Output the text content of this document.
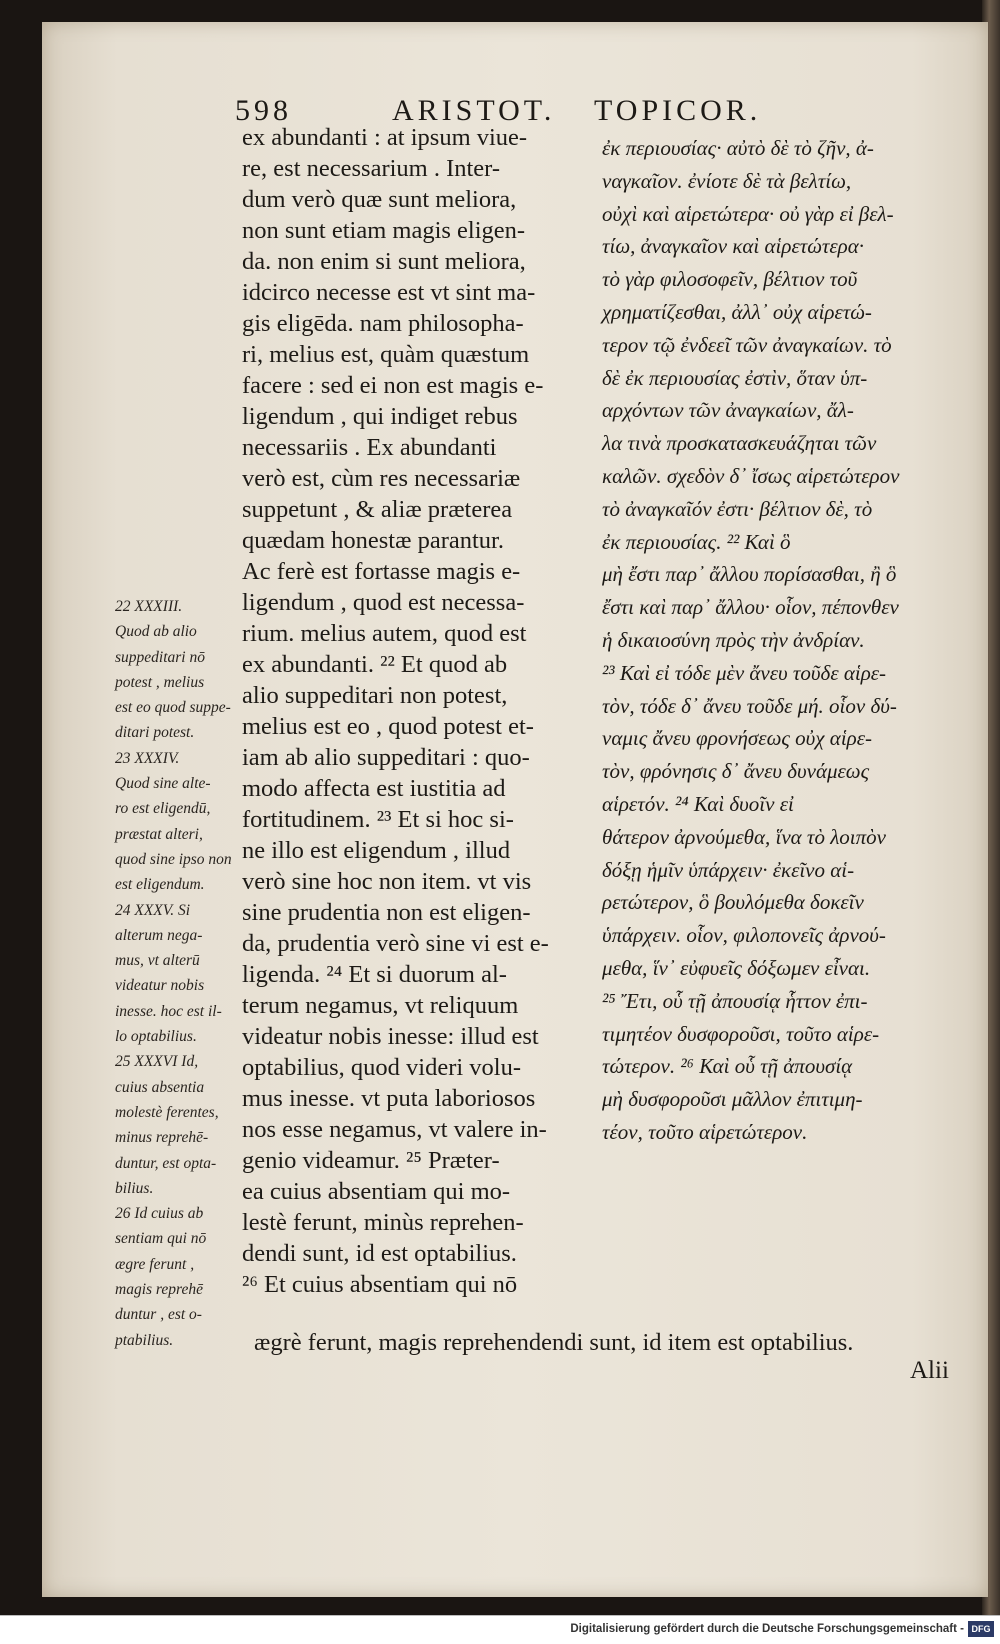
598	ARISTOT. TOPICOR.
22 XXXIII.
Quod ab alio
suppeditari nō
potest , melius
est eo quod suppe-
ditari potest.
23 XXXIV.
Quod sine alte-
ro est eligendū,
præstat alteri,
quod sine ipso non
est eligendum.
24 XXXV. Si
alterum nega-
mus, vt alterū
videatur nobis
inesse. hoc est il-
lo optabilius.
25 XXXVI Id,
cuius absentia
molestè ferentes,
minus reprehē-
duntur, est opta-
bilius.
26 Id cuius ab
sentiam qui nō
ægre ferunt ,
magis reprehē
duntur , est o-
ptabilius.
ex abundanti : at ipsum viue-
re, est necessarium . Inter-
dum verò quæ sunt meliora,
non sunt etiam magis eligen-
da. non enim si sunt meliora,
idcirco necesse est vt sint ma-
gis eligēda. nam philosopha-
ri, melius est, quàm quæstum
facere : sed ei non est magis e-
ligendum , qui indiget rebus
necessariis . Ex abundanti
verò est, cùm res necessariæ
suppetunt , & aliæ præterea
quædam honestæ parantur.
Ac ferè est fortasse magis e-
ligendum , quod est necessa-
rium. melius autem, quod est
ex abundanti. ²² Et quod ab
alio suppeditari non potest,
melius est eo , quod potest et-
iam ab alio suppeditari : quo-
modo affecta est iustitia ad
fortitudinem. ²³ Et si hoc si-
ne illo est eligendum , illud
verò sine hoc non item. vt vis
sine prudentia non est eligen-
da, prudentia verò sine vi est e-
ligenda. ²⁴ Et si duorum al-
terum negamus, vt reliquum
videatur nobis inesse: illud est
optabilius, quod videri volu-
mus inesse. vt puta laboriosos
nos esse negamus, vt valere in-
genio videamur. ²⁵ Præter-
ea cuius absentiam qui mo-
lestè ferunt, minùs reprehen-
dendi sunt, id est optabilius.
²⁶ Et cuius absentiam qui nō
ἐκ περιουσίας· αὐτὸ δὲ τὸ ζῆν, ἀ-
ναγκαῖον. ἐνίοτε δὲ τὰ βελτίω,
οὐχὶ καὶ αἱρετώτερα· οὐ γὰρ εἰ βελ-
τίω, ἀναγκαῖον καὶ αἱρετώτερα·
τὸ γὰρ φιλοσοφεῖν, βέλτιον τοῦ
χρηματίζεσθαι, ἀλλ᾽ οὐχ αἱρετώ-
τερον τῷ ἐνδεεῖ τῶν ἀναγκαίων. τὸ
δὲ ἐκ περιουσίας ἐστὶν, ὅταν ὑπ-
αρχόντων τῶν ἀναγκαίων, ἄλ-
λα τινὰ προσκατασκευάζηται τῶν
καλῶν. σχεδὸν δ᾽ ἴσως αἱρετώτερον
τὸ ἀναγκαῖόν ἐστι· βέλτιον δὲ, τὸ
ἐκ περιουσίας. ²² Καὶ ὃ
μὴ ἔστι παρ᾽ ἄλλου πορίσασθαι, ἢ ὃ
ἔστι καὶ παρ᾽ ἄλλου· οἷον, πέπονθεν
ἡ δικαιοσύνη πρὸς τὴν ἀνδρίαν.
²³ Καὶ εἰ τόδε μὲν ἄνευ τοῦδε αἱρε-
τὸν, τόδε δ᾽ ἄνευ τοῦδε μή. οἷον δύ-
ναμις ἄνευ φρονήσεως οὐχ αἱρε-
τὸν, φρόνησις δ᾽ ἄνευ δυνάμεως
αἱρετόν. ²⁴ Καὶ δυοῖν εἰ
θάτερον ἀρνούμεθα, ἵνα τὸ λοιπὸν
δόξῃ ἡμῖν ὑπάρχειν· ἐκεῖνο αἱ-
ρετώτερον, ὃ βουλόμεθα δοκεῖν
ὑπάρχειν. οἷον, φιλοπονεῖς ἀρνού-
μεθα, ἵν᾽ εὐφυεῖς δόξωμεν εἶναι.
²⁵ Ἔτι, οὗ τῇ ἀπουσίᾳ ἧττον ἐπι-
τιμητέον δυσφοροῦσι, τοῦτο αἱρε-
τώτερον. ²⁶ Καὶ οὗ τῇ ἀπουσίᾳ
μὴ δυσφοροῦσι μᾶλλον ἐπιτιμη-
τέον, τοῦτο αἱρετώτερον.
ægrè ferunt, magis reprehendendi sunt, id item est optabilius.
Alii
Digitalisierung gefördert durch die Deutsche Forschungsgemeinschaft - DFG
